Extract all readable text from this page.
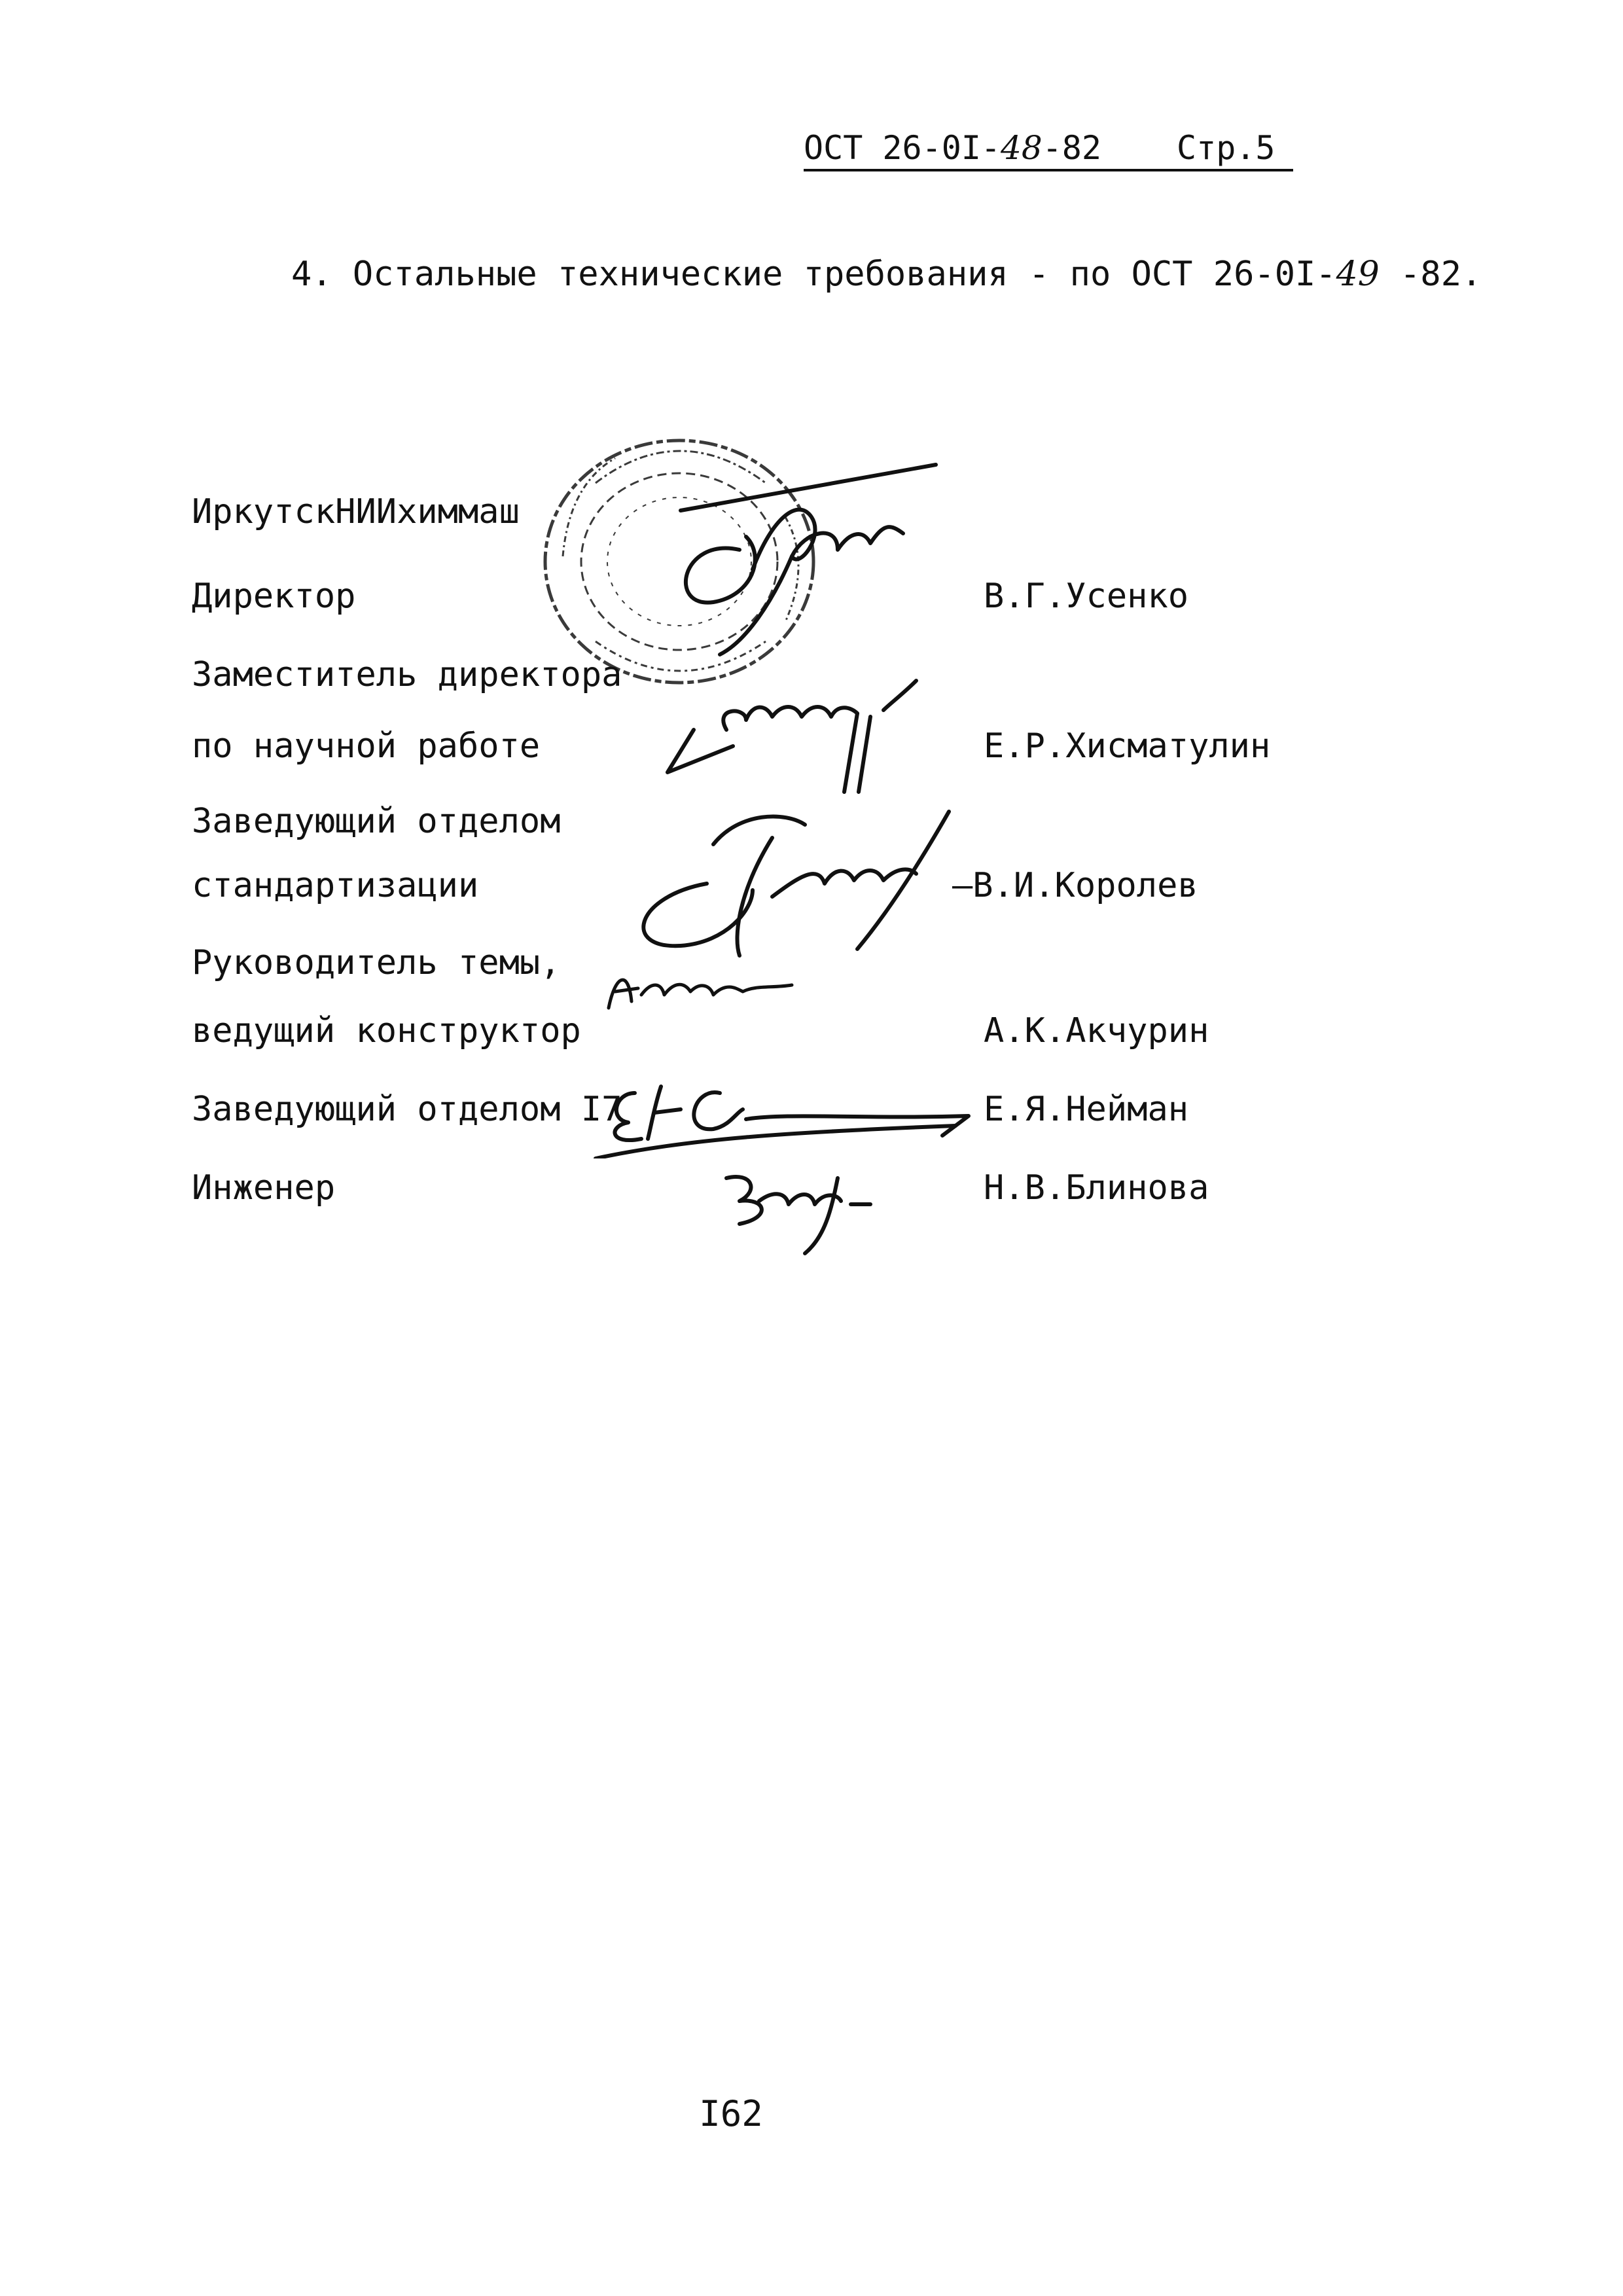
ОСТ 26-0I-48-82 Стр.5
4. Остальные технические требования - по ОСТ 26-0I-49 -82.
ИркутскНИИхиммаш
Директор	В.Г.Усенко
Заместитель директора
по научной работе	Е.Р.Хисматулин
Заведующий отделом
стандартизации	—В.И.Королев
Руководитель темы,
ведущий конструктор	А.К.Акчурин
Заведующий отделом I7	Е.Я.Нейман
Инженер	Н.В.Блинова
I62
